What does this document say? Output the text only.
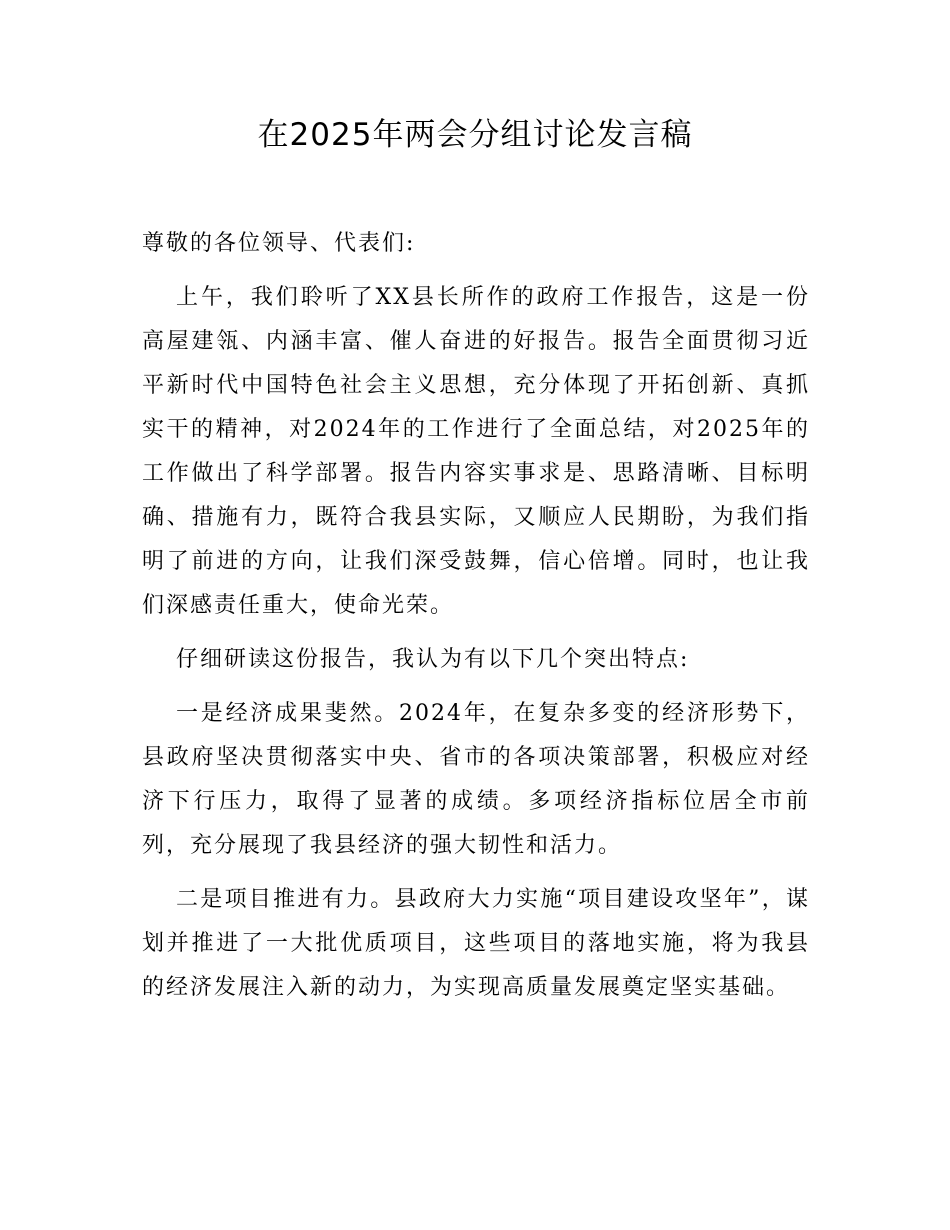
在2025年两会分组讨论发言稿

尊敬的各位领导、代表们:

上午，我们聆听了XX县长所作的政府工作报告，这是一份高屋建瓴、内涵丰富、催人奋进的好报告。报告全面贯彻习近平新时代中国特色社会主义思想，充分体现了开拓创新、真抓实干的精神，对2024年的工作进行了全面总结，对2025年的工作做出了科学部署。报告内容实事求是、思路清晰、目标明确、措施有力，既符合我县实际，又顺应人民期盼，为我们指明了前进的方向，让我们深受鼓舞，信心倍增。同时，也让我们深感责任重大，使命光荣。

仔细研读这份报告，我认为有以下几个突出特点:

一是经济成果斐然。2024年，在复杂多变的经济形势下，县政府坚决贯彻落实中央、省市的各项决策部署，积极应对经济下行压力，取得了显著的成绩。多项经济指标位居全市前列，充分展现了我县经济的强大韧性和活力。

二是项目推进有力。县政府大力实施“项目建设攻坚年”，谋划并推进了一大批优质项目，这些项目的落地实施，将为我县的经济发展注入新的动力，为实现高质量发展奠定坚实基础。
